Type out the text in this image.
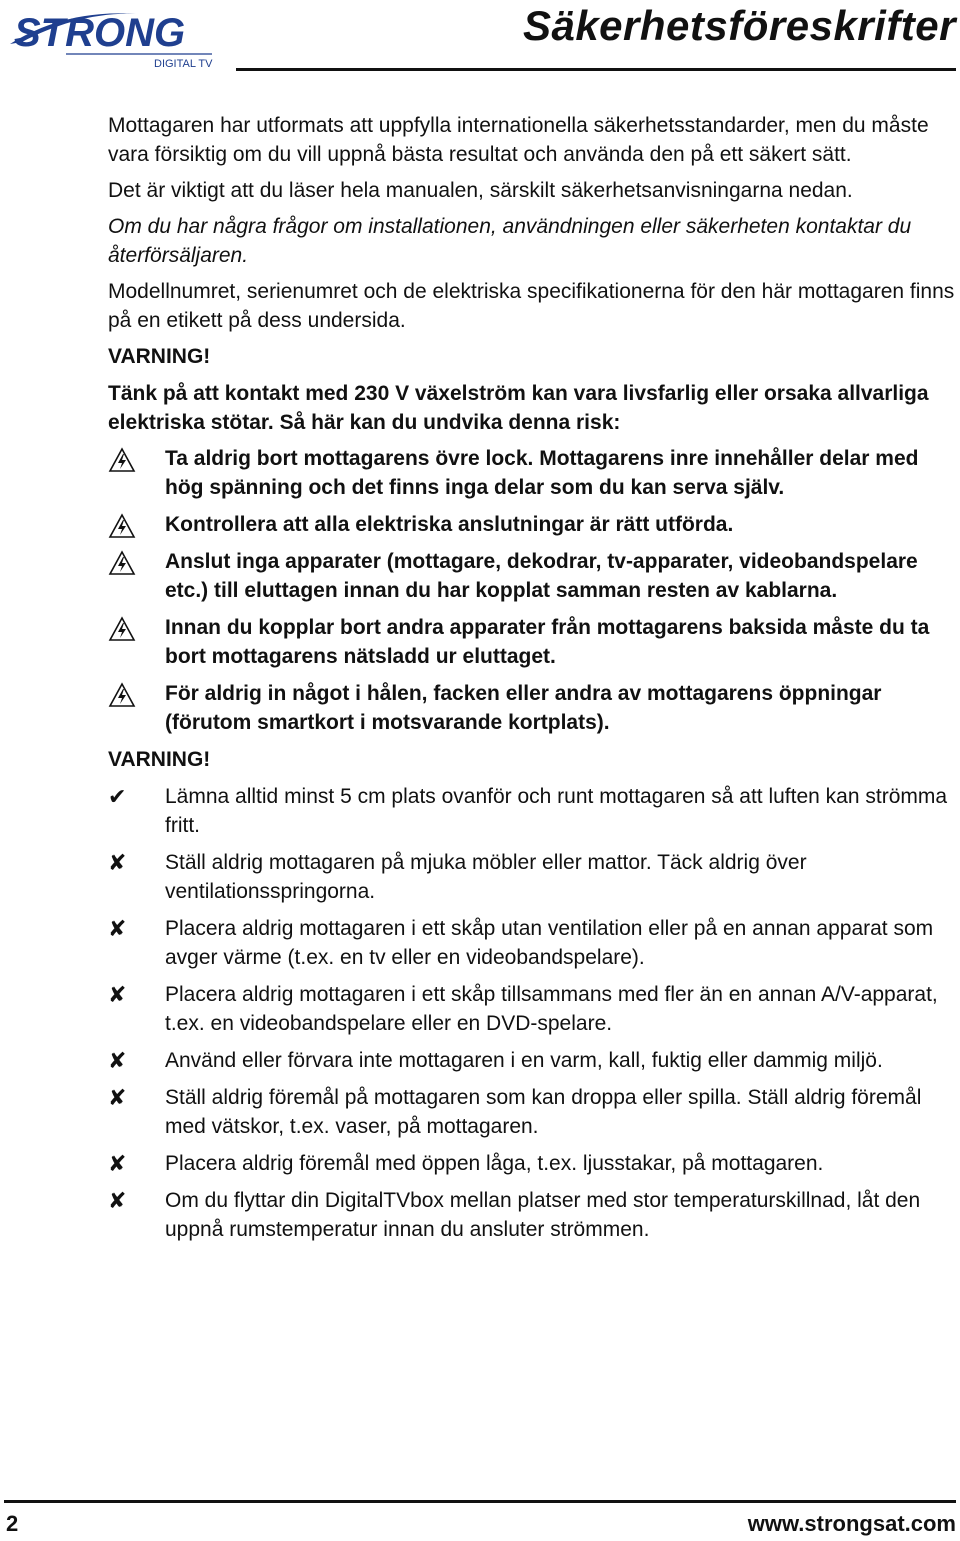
STRONG
DIGITAL TV
Säkerhetsföreskrifter

Mottagaren har utformats att uppfylla internationella säkerhetsstandarder, men du måste vara försiktig om du vill uppnå bästa resultat och använda den på ett säkert sätt.

Det är viktigt att du läser hela manualen, särskilt säkerhetsanvisningarna nedan.

Om du har några frågor om installationen, användningen eller säkerheten kontaktar du återförsäljaren.

Modellnumret, serienumret och de elektriska specifikationerna för den här mottagaren finns på en etikett på dess undersida.

VARNING!

Tänk på att kontakt med 230 V växelström kan vara livsfarlig eller orsaka allvarliga elektriska stötar. Så här kan du undvika denna risk:

Ta aldrig bort mottagarens övre lock. Mottagarens inre innehåller delar med hög spänning och det finns inga delar som du kan serva själv.
Kontrollera att alla elektriska anslutningar är rätt utförda.
Anslut inga apparater (mottagare, dekodrar, tv-apparater, videobandspelare etc.) till eluttagen innan du har kopplat samman resten av kablarna.
Innan du kopplar bort andra apparater från mottagarens baksida måste du ta bort mottagarens nätsladd ur eluttaget.
För aldrig in något i hålen, facken eller andra av mottagarens öppningar (förutom smartkort i motsvarande kortplats).
VARNING!
✔ Lämna alltid minst 5 cm plats ovanför och runt mottagaren så att luften kan strömma fritt.
✘ Ställ aldrig mottagaren på mjuka möbler eller mattor. Täck aldrig över ventilationsspringorna.
✘ Placera aldrig mottagaren i ett skåp utan ventilation eller på en annan apparat som avger värme (t.ex. en tv eller en videobandspelare).
✘ Placera aldrig mottagaren i ett skåp tillsammans med fler än en annan A/V-apparat, t.ex. en videobandspelare eller en DVD-spelare.
✘ Använd eller förvara inte mottagaren i en varm, kall, fuktig eller dammig miljö.
✘ Ställ aldrig föremål på mottagaren som kan droppa eller spilla. Ställ aldrig föremål med vätskor, t.ex. vaser, på mottagaren.
✘ Placera aldrig föremål med öppen låga, t.ex. ljusstakar, på mottagaren.
✘ Om du flyttar din DigitalTVbox mellan platser med stor temperaturskillnad, låt den uppnå rumstemperatur innan du ansluter strömmen.
2	www.strongsat.com
